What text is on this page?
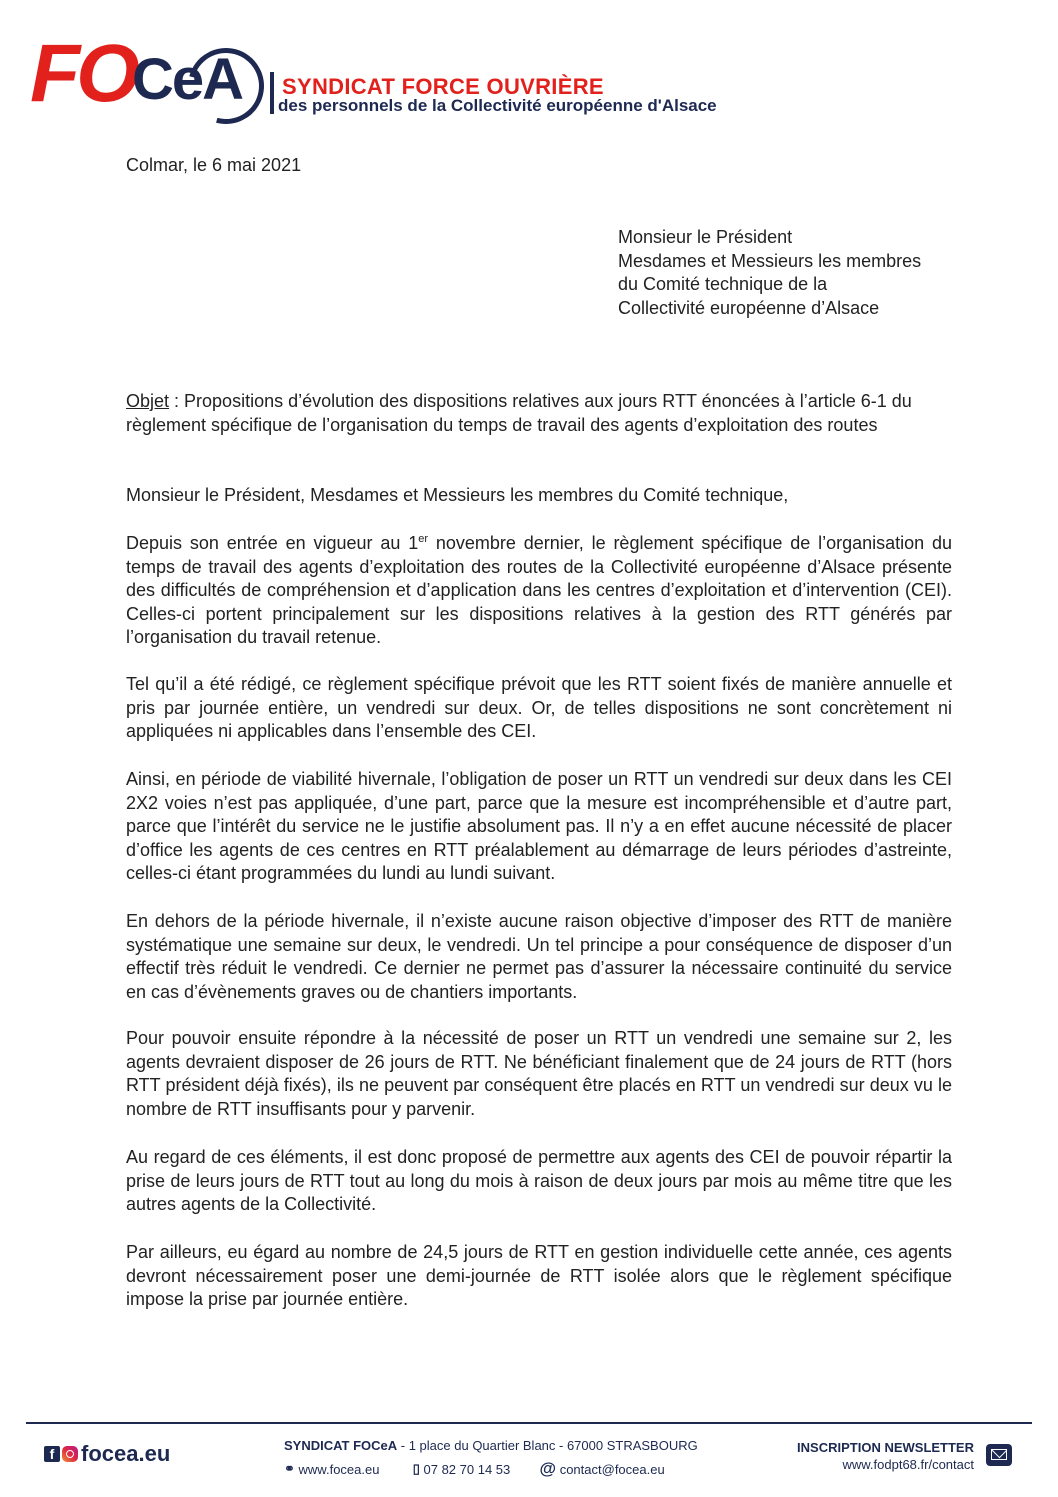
FO
CeA SYNDICAT FORCE OUVRIÈRE
des personnels de la Collectivité européenne d'Alsace
Colmar, le 6 mai 2021
Monsieur le Président
Mesdames et Messieurs les membres
du Comité technique de la
Collectivité européenne d’Alsace
Objet : Propositions d’évolution des dispositions relatives aux jours RTT énoncées à l’article 6-1 du règlement spécifique de l’organisation du temps de travail des agents d’exploitation des routes
Monsieur le Président, Mesdames et Messieurs les membres du Comité technique,
Depuis son entrée en vigueur au 1er novembre dernier, le règlement spécifique de l’organisation du temps de travail des agents d’exploitation des routes de la Collectivité européenne d’Alsace présente des difficultés de compréhension et d’application dans les centres d’exploitation et d’intervention (CEI). Celles-ci portent principalement sur les dispositions relatives à la gestion des RTT générés par l’organisation du travail retenue.
Tel qu’il a été rédigé, ce règlement spécifique prévoit que les RTT soient fixés de manière annuelle et pris par journée entière, un vendredi sur deux. Or, de telles dispositions ne sont concrètement ni appliquées ni applicables dans l’ensemble des CEI.
Ainsi, en période de viabilité hivernale, l’obligation de poser un RTT un vendredi sur deux dans les CEI 2X2 voies n’est pas appliquée, d’une part, parce que la mesure est incompréhensible et d’autre part, parce que l’intérêt du service ne le justifie absolument pas. Il n’y a en effet aucune nécessité de placer d’office les agents de ces centres en RTT préalablement au démarrage de leurs périodes d’astreinte, celles-ci étant programmées du lundi au lundi suivant.
En dehors de la période hivernale, il n’existe aucune raison objective d’imposer des RTT de manière systématique une semaine sur deux, le vendredi. Un tel principe a pour conséquence de disposer d’un effectif très réduit le vendredi. Ce dernier ne permet pas d’assurer la nécessaire continuité du service en cas d’évènements graves ou de chantiers importants.
Pour pouvoir ensuite répondre à la nécessité de poser un RTT un vendredi une semaine sur 2, les agents devraient disposer de 26 jours de RTT. Ne bénéficiant finalement que de 24 jours de RTT (hors RTT président déjà fixés), ils ne peuvent par conséquent être placés en RTT un vendredi sur deux vu le nombre de RTT insuffisants pour y parvenir.
Au regard de ces éléments, il est donc proposé de permettre aux agents des CEI de pouvoir répartir la prise de leurs jours de RTT tout au long du mois à raison de deux jours par mois au même titre que les autres agents de la Collectivité.
Par ailleurs, eu égard au nombre de 24,5 jours de RTT en gestion individuelle cette année, ces agents devront nécessairement poser une demi-journée de RTT isolée alors que le règlement spécifique impose la prise par journée entière.
f focea.eu	SYNDICAT FOCeA - 1 place du Quartier Blanc - 67000 STRASBOURG
⚭ www.focea.eu	▯ 07 82 70 14 53 @ contact@focea.eu
INSCRIPTION NEWSLETTER
www.fodpt68.fr/contact
